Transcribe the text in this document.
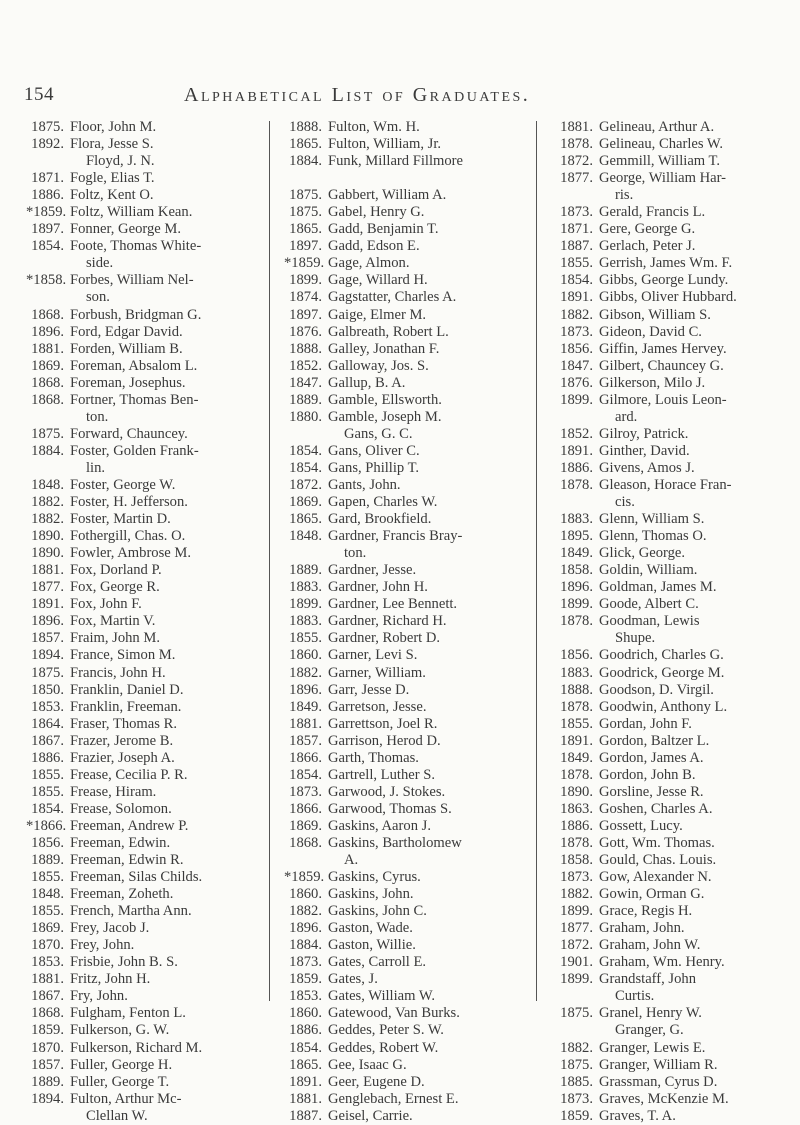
154	Alphabetical List of Graduates.
1875. Floor, John M.
1892. Flora, Jesse S.
Floyd, J. N.
1871. Fogle, Elias T.
1886. Foltz, Kent O.
*1859. Foltz, William Kean.
1897. Fonner, George M.
1854. Foote, Thomas White-
side.
*1858. Forbes, William Nel-
son.
1868. Forbush, Bridgman G.
1896. Ford, Edgar David.
1881. Forden, William B.
1869. Foreman, Absalom L.
1868. Foreman, Josephus.
1868. Fortner, Thomas Ben-
ton.
1875. Forward, Chauncey.
1884. Foster, Golden Frank-
lin.
1848. Foster, George W.
1882. Foster, H. Jefferson.
1882. Foster, Martin D.
1890. Fothergill, Chas. O.
1890. Fowler, Ambrose M.
1881. Fox, Dorland P.
1877. Fox, George R.
1891. Fox, John F.
1896. Fox, Martin V.
1857. Fraim, John M.
1894. France, Simon M.
1875. Francis, John H.
1850. Franklin, Daniel D.
1853. Franklin, Freeman.
1864. Fraser, Thomas R.
1867. Frazer, Jerome B.
1886. Frazier, Joseph A.
1855. Frease, Cecilia P. R.
1855. Frease, Hiram.
1854. Frease, Solomon.
*1866. Freeman, Andrew P.
1856. Freeman, Edwin.
1889. Freeman, Edwin R.
1855. Freeman, Silas Childs.
1848. Freeman, Zoheth.
1855. French, Martha Ann.
1869. Frey, Jacob J.
1870. Frey, John.
1853. Frisbie, John B. S.
1881. Fritz, John H.
1867. Fry, John.
1868. Fulgham, Fenton L.
1859. Fulkerson, G. W.
1870. Fulkerson, Richard M.
1857. Fuller, George H.
1889. Fuller, George T.
1894. Fulton, Arthur Mc-
Clellan W.
1888. Fulton, Wm. H.
1865. Fulton, William, Jr.
1884. Funk, Millard Fillmore
1875. Gabbert, William A.
1875. Gabel, Henry G.
1865. Gadd, Benjamin T.
1897. Gadd, Edson E.
*1859. Gage, Almon.
1899. Gage, Willard H.
1874. Gagstatter, Charles A.
1897. Gaige, Elmer M.
1876. Galbreath, Robert L.
1888. Galley, Jonathan F.
1852. Galloway, Jos. S.
1847. Gallup, B. A.
1889. Gamble, Ellsworth.
1880. Gamble, Joseph M.
Gans, G. C.
1854. Gans, Oliver C.
1854. Gans, Phillip T.
1872. Gants, John.
1869. Gapen, Charles W.
1865. Gard, Brookfield.
1848. Gardner, Francis Bray-
ton.
1889. Gardner, Jesse.
1883. Gardner, John H.
1899. Gardner, Lee Bennett.
1883. Gardner, Richard H.
1855. Gardner, Robert D.
1860. Garner, Levi S.
1882. Garner, William.
1896. Garr, Jesse D.
1849. Garretson, Jesse.
1881. Garrettson, Joel R.
1857. Garrison, Herod D.
1866. Garth, Thomas.
1854. Gartrell, Luther S.
1873. Garwood, J. Stokes.
1866. Garwood, Thomas S.
1869. Gaskins, Aaron J.
1868. Gaskins, Bartholomew
A.
*1859. Gaskins, Cyrus.
1860. Gaskins, John.
1882. Gaskins, John C.
1896. Gaston, Wade.
1884. Gaston, Willie.
1873. Gates, Carroll E.
1859. Gates, J.
1853. Gates, William W.
1860. Gatewood, Van Burks.
1886. Geddes, Peter S. W.
1854. Geddes, Robert W.
1865. Gee, Isaac G.
1891. Geer, Eugene D.
1881. Genglebach, Ernest E.
1887. Geisel, Carrie.
1881. Gelineau, Arthur A.
1878. Gelineau, Charles W.
1872. Gemmill, William T.
1877. George, William Har-
ris.
1873. Gerald, Francis L.
1871. Gere, George G.
1887. Gerlach, Peter J.
1855. Gerrish, James Wm. F.
1854. Gibbs, George Lundy.
1891. Gibbs, Oliver Hubbard.
1882. Gibson, William S.
1873. Gideon, David C.
1856. Giffin, James Hervey.
1847. Gilbert, Chauncey G.
1876. Gilkerson, Milo J.
1899. Gilmore, Louis Leon-
ard.
1852. Gilroy, Patrick.
1891. Ginther, David.
1886. Givens, Amos J.
1878. Gleason, Horace Fran-
cis.
1883. Glenn, William S.
1895. Glenn, Thomas O.
1849. Glick, George.
1858. Goldin, William.
1896. Goldman, James M.
1899. Goode, Albert C.
1878. Goodman, Lewis
Shupe.
1856. Goodrich, Charles G.
1883. Goodrick, George M.
1888. Goodson, D. Virgil.
1878. Goodwin, Anthony L.
1855. Gordan, John F.
1891. Gordon, Baltzer L.
1849. Gordon, James A.
1878. Gordon, John B.
1890. Gorsline, Jesse R.
1863. Goshen, Charles A.
1886. Gossett, Lucy.
1878. Gott, Wm. Thomas.
1858. Gould, Chas. Louis.
1873. Gow, Alexander N.
1882. Gowin, Orman G.
1899. Grace, Regis H.
1877. Graham, John.
1872. Graham, John W.
1901. Graham, Wm. Henry.
1899. Grandstaff, John
Curtis.
1875. Granel, Henry W.
Granger, G.
1882. Granger, Lewis E.
1875. Granger, William R.
1885. Grassman, Cyrus D.
1873. Graves, McKenzie M.
1859. Graves, T. A.
